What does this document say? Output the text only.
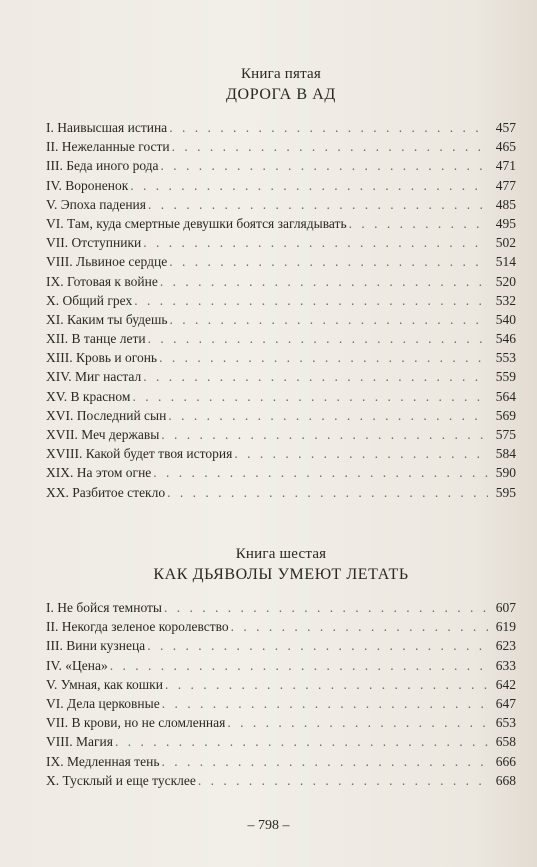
Книга пятая
ДОРОГА В АД
I. Наивысшая истина . . .	457
II. Нежеланные гости . . .	465
III. Беда иного рода . . .	471
IV. Вороненок . . .	477
V. Эпоха падения . . .	485
VI. Там, куда смертные девушки боятся заглядывать . . .	495
VII. Отступники . . .	502
VIII. Львиное сердце . . .	514
IX. Готовая к войне . . .	520
X. Общий грех . . .	532
XI. Каким ты будешь . . .	540
XII. В танце лети . . .	546
XIII. Кровь и огонь . . .	553
XIV. Миг настал . . .	559
XV. В красном . . .	564
XVI. Последний сын . . .	569
XVII. Меч державы . . .	575
XVIII. Какой будет твоя история . . .	584
XIX. На этом огне . . .	590
XX. Разбитое стекло . . .	595
Книга шестая
КАК ДЬЯВОЛЫ УМЕЮТ ЛЕТАТЬ
I. Не бойся темноты . . .	607
II. Некогда зеленое королевство . . .	619
III. Вини кузнеца . . .	623
IV. «Цена» . . .	633
V. Умная, как кошки . . .	642
VI. Дела церковные . . .	647
VII. В крови, но не сломленная . . .	653
VIII. Магия . . .	658
IX. Медленная тень . . .	666
X. Тусклый и еще тусклее . . .	668
– 798 –
